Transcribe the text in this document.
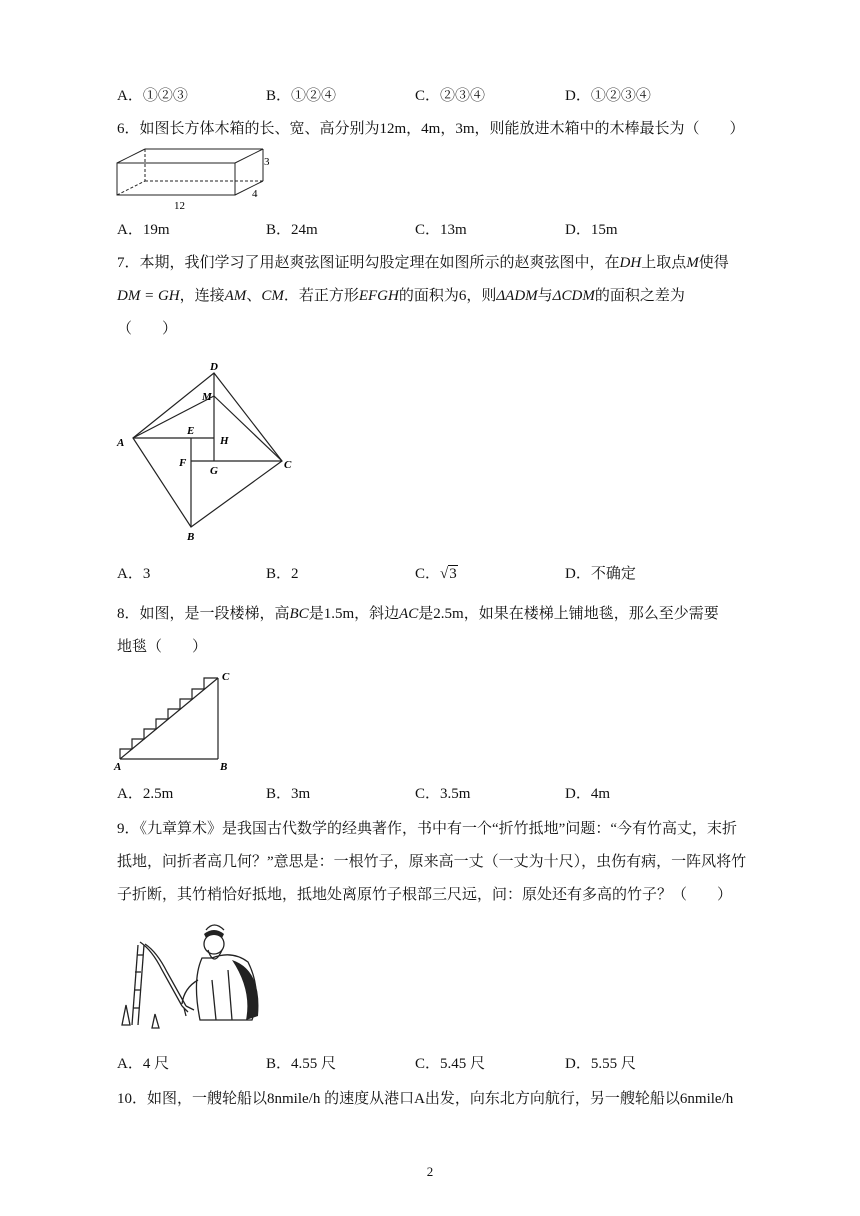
A．①②③	B．①②④	C．②③④	D．①②③④
6．如图长方体木箱的长、宽、高分别为12m，4m，3m，则能放进木箱中的木棒最长为（　　）
3
4
12
A．19m	B．24m	C．13m	D．15m
7．本期，我们学习了用赵爽弦图证明勾股定理在如图所示的赵爽弦图中，在DH上取点M使得
DM = GH，连接AM、CM．若正方形EFGH的面积为6，则ΔADM与ΔCDM的面积之差为
（　　）
D
M
E
H
A
F
G	C
B
A．3	B．2	C．√3	D．不确定
8．如图，是一段楼梯，高BC是1.5m，斜边AC是2.5m，如果在楼梯上铺地毯，那么至少需要
地毯（　　）
A	B
C
A．2.5m	B．3m	C．3.5m	D．4m
9．《九章算术》是我国古代数学的经典著作，书中有一个“折竹抵地”问题：“今有竹高丈，末折
抵地，问折者高几何？”意思是：一根竹子，原来高一丈（一丈为十尺），虫伤有病，一阵风将竹
子折断，其竹梢恰好抵地，抵地处离原竹子根部三尺远，问：原处还有多高的竹子？（　　）
A．4 尺	B．4.55 尺	C．5.45 尺	D．5.55 尺
10．如图，一艘轮船以8nmile/h 的速度从港口A出发，向东北方向航行，另一艘轮船以6nmile/h
2
